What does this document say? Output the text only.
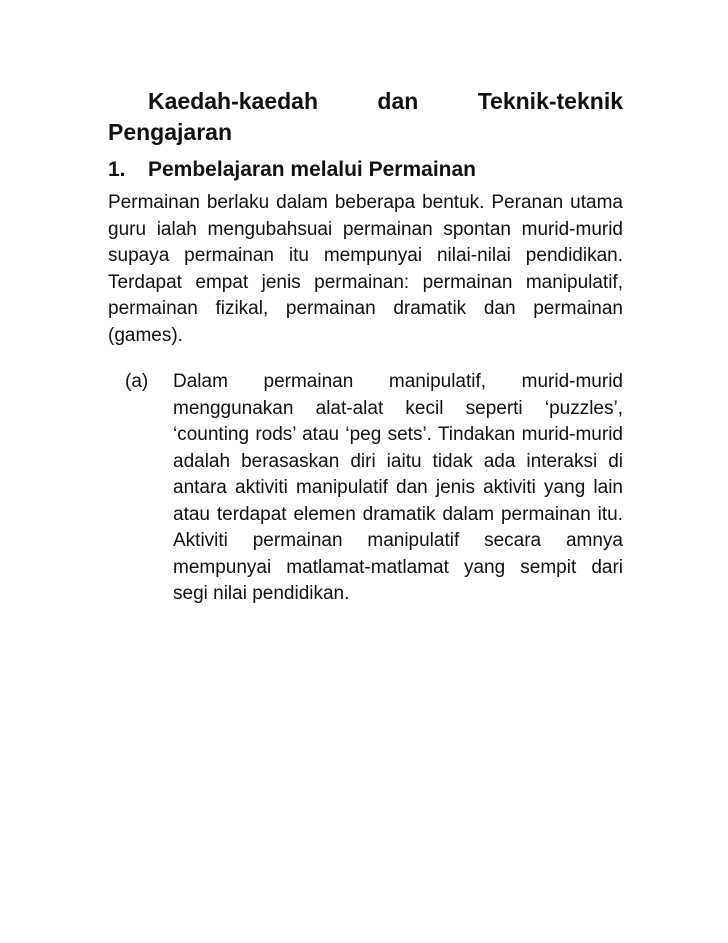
Kaedah-kaedah dan Teknik-teknik Pengajaran
1. Pembelajaran melalui Permainan

Permainan berlaku dalam beberapa bentuk. Peranan utama guru ialah mengubahsuai permainan spontan murid-murid supaya permainan itu mempunyai nilai-nilai pendidikan. Terdapat empat jenis permainan: permainan manipulatif, permainan fizikal, permainan dramatik dan permainan (games).

(a) Dalam permainan manipulatif, murid-murid menggunakan alat-alat kecil seperti ‘puzzles’, ‘counting rods’ atau ‘peg sets’. Tindakan murid-murid adalah berasaskan diri iaitu tidak ada interaksi di antara aktiviti manipulatif dan jenis aktiviti yang lain atau terdapat elemen dramatik dalam permainan itu. Aktiviti permainan manipulatif secara amnya mempunyai matlamat-matlamat yang sempit dari segi nilai pendidikan.
